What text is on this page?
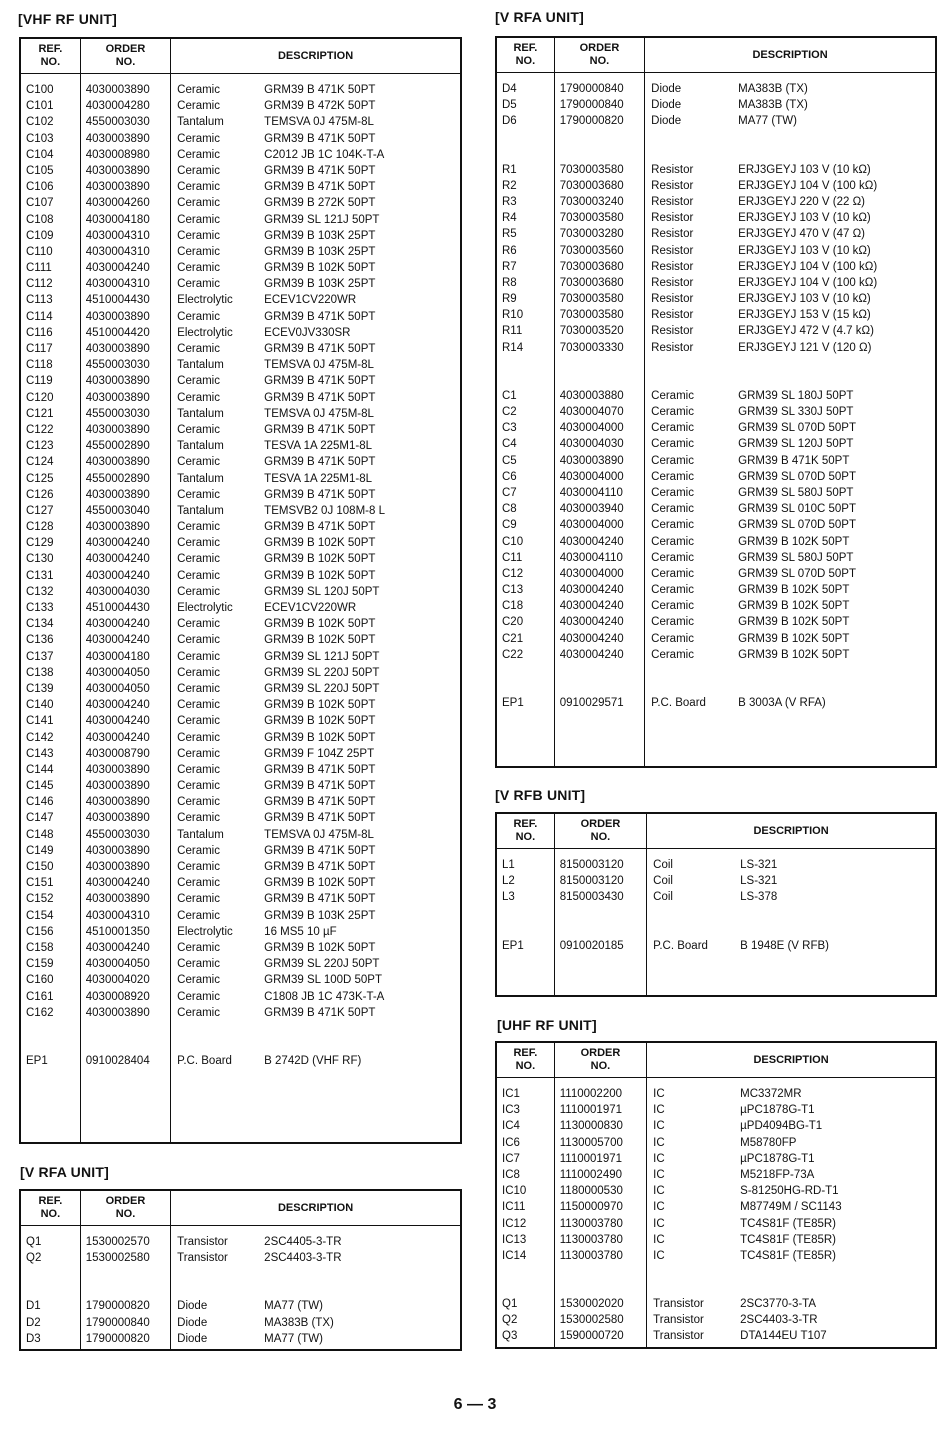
[VHF RF UNIT]
[V RFA UNIT]
[V RFA UNIT]
[V RFB UNIT]
[UHF RF UNIT]
REF.
NO.	ORDER
NO.	DESCRIPTION

C100	4030003890	Ceramic GRM39 B 471K 50PT

C101	4030004280	Ceramic GRM39 B 472K 50PT

C102	4550003030	Tantalum TEMSVA 0J 475M-8L

C103	4030003890	Ceramic GRM39 B 471K 50PT

C104	4030008980	Ceramic C2012 JB 1C 104K-T-A

C105	4030003890	Ceramic GRM39 B 471K 50PT

C106	4030003890	Ceramic GRM39 B 471K 50PT

C107	4030004260	Ceramic GRM39 B 272K 50PT

C108	4030004180	Ceramic GRM39 SL 121J 50PT

C109	4030004310	Ceramic GRM39 B 103K 25PT

C110	4030004310	Ceramic GRM39 B 103K 25PT

C111	4030004240	Ceramic GRM39 B 102K 50PT

C112	4030004310	Ceramic GRM39 B 103K 25PT

C113	4510004430	Electrolytic ECEV1CV220WR

C114	4030003890	Ceramic GRM39 B 471K 50PT

C116	4510004420	Electrolytic ECEV0JV330SR

C117	4030003890	Ceramic GRM39 B 471K 50PT

C118	4550003030	Tantalum TEMSVA 0J 475M-8L

C119	4030003890	Ceramic GRM39 B 471K 50PT

C120	4030003890	Ceramic GRM39 B 471K 50PT

C121	4550003030	Tantalum TEMSVA 0J 475M-8L

C122	4030003890	Ceramic GRM39 B 471K 50PT

C123	4550002890	Tantalum TESVA 1A 225M1-8L

C124	4030003890	Ceramic GRM39 B 471K 50PT

C125	4550002890	Tantalum TESVA 1A 225M1-8L

C126	4030003890	Ceramic GRM39 B 471K 50PT

C127	4550003040	Tantalum TEMSVB2 0J 108M-8 L

C128	4030003890	Ceramic GRM39 B 471K 50PT

C129	4030004240	Ceramic GRM39 B 102K 50PT

C130	4030004240	Ceramic GRM39 B 102K 50PT

C131	4030004240	Ceramic GRM39 B 102K 50PT

C132	4030004030	Ceramic GRM39 SL 120J 50PT

C133	4510004430	Electrolytic ECEV1CV220WR

C134	4030004240	Ceramic GRM39 B 102K 50PT

C136	4030004240	Ceramic GRM39 B 102K 50PT

C137	4030004180	Ceramic GRM39 SL 121J 50PT

C138	4030004050	Ceramic GRM39 SL 220J 50PT

C139	4030004050	Ceramic GRM39 SL 220J 50PT

C140	4030004240	Ceramic GRM39 B 102K 50PT

C141	4030004240	Ceramic GRM39 B 102K 50PT

C142	4030004240	Ceramic GRM39 B 102K 50PT

C143	4030008790	Ceramic GRM39 F 104Z 25PT

C144	4030003890	Ceramic GRM39 B 471K 50PT

C145	4030003890	Ceramic GRM39 B 471K 50PT

C146	4030003890	Ceramic GRM39 B 471K 50PT

C147	4030003890	Ceramic GRM39 B 471K 50PT

C148	4550003030	Tantalum TEMSVA 0J 475M-8L

C149	4030003890	Ceramic GRM39 B 471K 50PT

C150	4030003890	Ceramic GRM39 B 471K 50PT

C151	4030004240	Ceramic GRM39 B 102K 50PT

C152	4030003890	Ceramic GRM39 B 471K 50PT

C154	4030004310	Ceramic GRM39 B 103K 25PT

C156	4510001350	Electrolytic 16 MS5 10 µF

C158	4030004240	Ceramic GRM39 B 102K 50PT

C159	4030004050	Ceramic GRM39 SL 220J 50PT

C160	4030004020	Ceramic GRM39 SL 100D 50PT

C161	4030008920	Ceramic C1808 JB 1C 473K-T-A

C162	4030003890	Ceramic GRM39 B 471K 50PT

EP1	0910028404	P.C. Board B 2742D (VHF RF)

REF.
NO.	ORDER
NO.	DESCRIPTION

Q1	1530002570	Transistor 2SC4405-3-TR

Q2	1530002580	Transistor 2SC4403-3-TR

D1	1790000820	Diode MA77 (TW)

D2	1790000840	Diode MA383B (TX)

D3	1790000820	Diode MA77 (TW)

REF.
NO.	ORDER
NO.	DESCRIPTION

D4	1790000840	Diode MA383B (TX)

D5	1790000840	Diode MA383B (TX)

D6	1790000820	Diode MA77 (TW)

R1	7030003580	Resistor ERJ3GEYJ 103 V (10 kΩ)

R2	7030003680	Resistor ERJ3GEYJ 104 V (100 kΩ)

R3	7030003240	Resistor ERJ3GEYJ 220 V (22 Ω)

R4	7030003580	Resistor ERJ3GEYJ 103 V (10 kΩ)

R5	7030003280	Resistor ERJ3GEYJ 470 V (47 Ω)

R6	7030003560	Resistor ERJ3GEYJ 103 V (10 kΩ)

R7	7030003680	Resistor ERJ3GEYJ 104 V (100 kΩ)

R8	7030003680	Resistor ERJ3GEYJ 104 V (100 kΩ)

R9	7030003580	Resistor ERJ3GEYJ 103 V (10 kΩ)

R10	7030003580	Resistor ERJ3GEYJ 153 V (15 kΩ)

R11	7030003520	Resistor ERJ3GEYJ 472 V (4.7 kΩ)

R14	7030003330	Resistor ERJ3GEYJ 121 V (120 Ω)

C1	4030003880	Ceramic GRM39 SL 180J 50PT

C2	4030004070	Ceramic GRM39 SL 330J 50PT

C3	4030004000	Ceramic GRM39 SL 070D 50PT

C4	4030004030	Ceramic GRM39 SL 120J 50PT

C5	4030003890	Ceramic GRM39 B 471K 50PT

C6	4030004000	Ceramic GRM39 SL 070D 50PT

C7	4030004110	Ceramic GRM39 SL 580J 50PT

C8	4030003940	Ceramic GRM39 SL 010C 50PT

C9	4030004000	Ceramic GRM39 SL 070D 50PT

C10	4030004240	Ceramic GRM39 B 102K 50PT

C11	4030004110	Ceramic GRM39 SL 580J 50PT

C12	4030004000	Ceramic GRM39 SL 070D 50PT

C13	4030004240	Ceramic GRM39 B 102K 50PT

C18	4030004240	Ceramic GRM39 B 102K 50PT

C20	4030004240	Ceramic GRM39 B 102K 50PT

C21	4030004240	Ceramic GRM39 B 102K 50PT

C22	4030004240	Ceramic GRM39 B 102K 50PT

EP1	0910029571	P.C. Board B 3003A (V RFA)

REF.
NO.	ORDER
NO.	DESCRIPTION

L1	8150003120	Coil LS-321

L2	8150003120	Coil LS-321

L3	8150003430	Coil LS-378

EP1	0910020185	P.C. Board B 1948E (V RFB)

REF.
NO.	ORDER
NO.	DESCRIPTION

IC1	1110002200	IC MC3372MR

IC3	1110001971	IC µPC1878G-T1

IC4	1130000830	IC µPD4094BG-T1

IC6	1130005700	IC M58780FP

IC7	1110001971	IC µPC1878G-T1

IC8	1110002490	IC M5218FP-73A

IC10	1180000530	IC S-81250HG-RD-T1

IC11	1150000970	IC M87749M / SC1143

IC12	1130003780	IC TC4S81F (TE85R)

IC13	1130003780	IC TC4S81F (TE85R)

IC14	1130003780	IC TC4S81F (TE85R)

Q1	1530002020	Transistor 2SC3770-3-TA

Q2	1530002580	Transistor 2SC4403-3-TR

Q3	1590000720	Transistor DTA144EU T107

6 — 3
